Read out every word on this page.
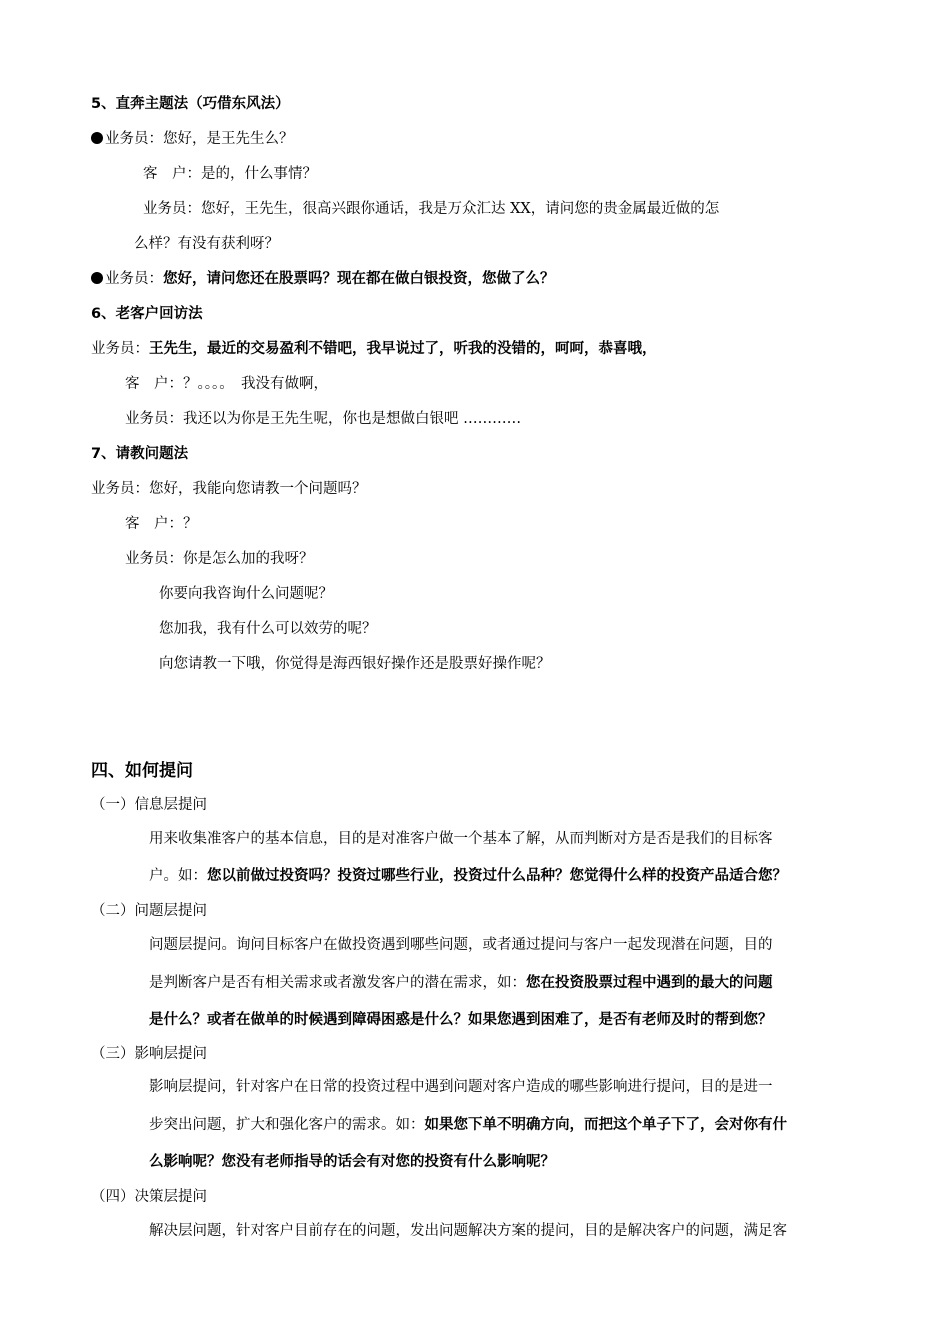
5、直奔主题法（巧借东风法）
业务员：您好，是王先生么？
客　户：是的，什么事情？
业务员：您好，王先生，很高兴跟你通话，我是万众汇达 XX，请问您的贵金属最近做的怎
么样？有没有获利呀？
业务员：您好，请问您还在股票吗？现在都在做白银投资，您做了么？
6、老客户回访法
业务员：王先生，最近的交易盈利不错吧，我早说过了，听我的没错的，呵呵，恭喜哦，
客　户：？。。。。　我没有做啊，
业务员：我还以为你是王先生呢，你也是想做白银吧 …………
7、请教问题法
业务员：您好，我能向您请教一个问题吗？
客　户：？
业务员：你是怎么加的我呀？
你要向我咨询什么问题呢？
您加我，我有什么可以效劳的呢？
向您请教一下哦，你觉得是海西银好操作还是股票好操作呢？
四、如何提问
（一）信息层提问
用来收集准客户的基本信息，目的是对准客户做一个基本了解，从而判断对方是否是我们的目标客
户。如：您以前做过投资吗？投资过哪些行业，投资过什么品种？您觉得什么样的投资产品适合您？
（二）问题层提问
问题层提问。询问目标客户在做投资遇到哪些问题，或者通过提问与客户一起发现潜在问题，目的
是判断客户是否有相关需求或者激发客户的潜在需求，如：您在投资股票过程中遇到的最大的问题
是什么？或者在做单的时候遇到障碍困惑是什么？如果您遇到困难了，是否有老师及时的帮到您？
（三）影响层提问
影响层提问，针对客户在日常的投资过程中遇到问题对客户造成的哪些影响进行提问，目的是进一
步突出问题，扩大和强化客户的需求。如：如果您下单不明确方向，而把这个单子下了，会对你有什
么影响呢？您没有老师指导的话会有对您的投资有什么影响呢？
（四）决策层提问
解决层问题，针对客户目前存在的问题，发出问题解决方案的提问，目的是解决客户的问题，满足客
